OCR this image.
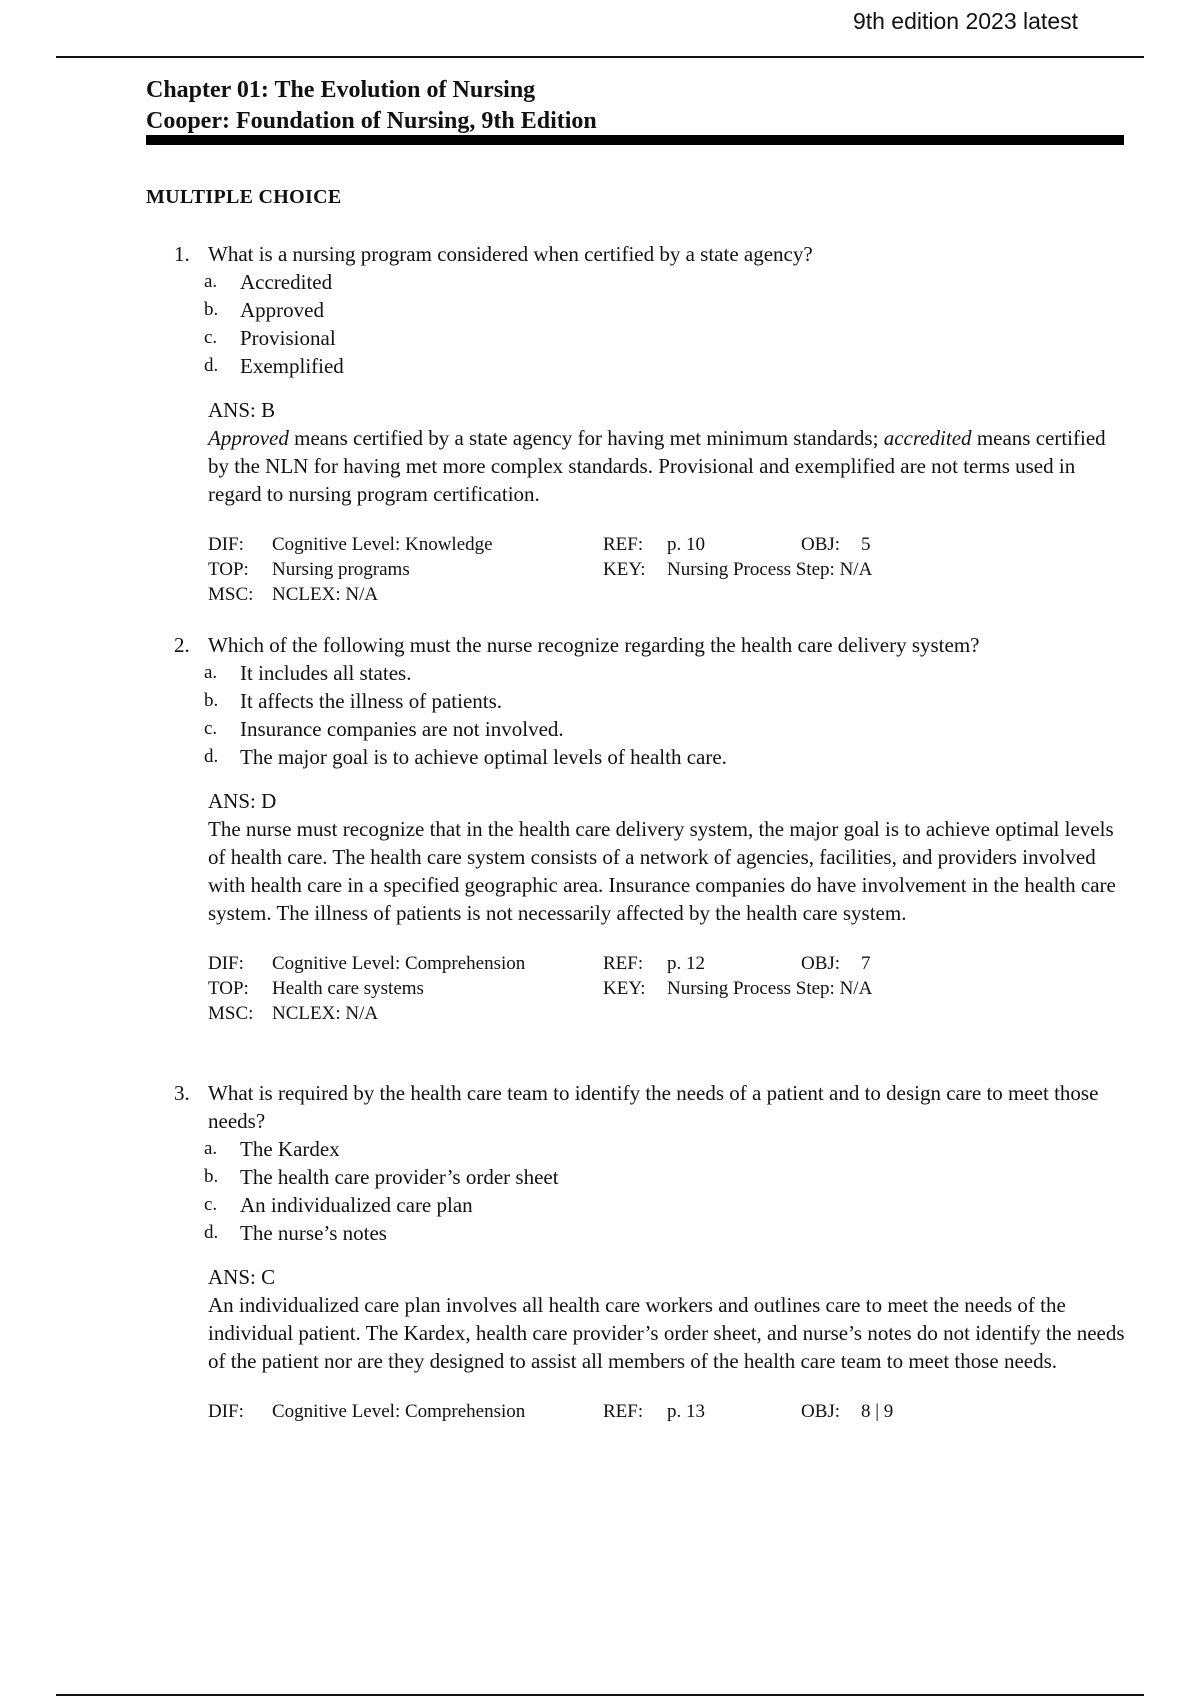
9th edition 2023 latest
Chapter 01: The Evolution of Nursing
Cooper: Foundation of Nursing, 9th Edition
MULTIPLE CHOICE
1. What is a nursing program considered when certified by a state agency?
a. Accredited
b. Approved
c. Provisional
d. Exemplified
ANS: B
Approved means certified by a state agency for having met minimum standards; accredited means certified by the NLN for having met more complex standards. Provisional and exemplified are not terms used in regard to nursing program certification.
DIF: Cognitive Level: Knowledge	REF: p. 10	OBJ: 5
TOP: Nursing programs	KEY: Nursing Process Step: N/A
MSC: NCLEX: N/A
2. Which of the following must the nurse recognize regarding the health care delivery system?
a. It includes all states.
b. It affects the illness of patients.
c. Insurance companies are not involved.
d. The major goal is to achieve optimal levels of health care.
ANS: D
The nurse must recognize that in the health care delivery system, the major goal is to achieve optimal levels of health care. The health care system consists of a network of agencies, facilities, and providers involved with health care in a specified geographic area. Insurance companies do have involvement in the health care system. The illness of patients is not necessarily affected by the health care system.
DIF: Cognitive Level: Comprehension	REF: p. 12	OBJ: 7
TOP: Health care systems	KEY: Nursing Process Step: N/A
MSC: NCLEX: N/A
3. What is required by the health care team to identify the needs of a patient and to design care to meet those needs?
a. The Kardex
b. The health care provider’s order sheet
c. An individualized care plan
d. The nurse’s notes
ANS: C
An individualized care plan involves all health care workers and outlines care to meet the needs of the individual patient. The Kardex, health care provider’s order sheet, and nurse’s notes do not identify the needs of the patient nor are they designed to assist all members of the health care team to meet those needs.
DIF: Cognitive Level: Comprehension	REF: p. 13	OBJ: 8 | 9
